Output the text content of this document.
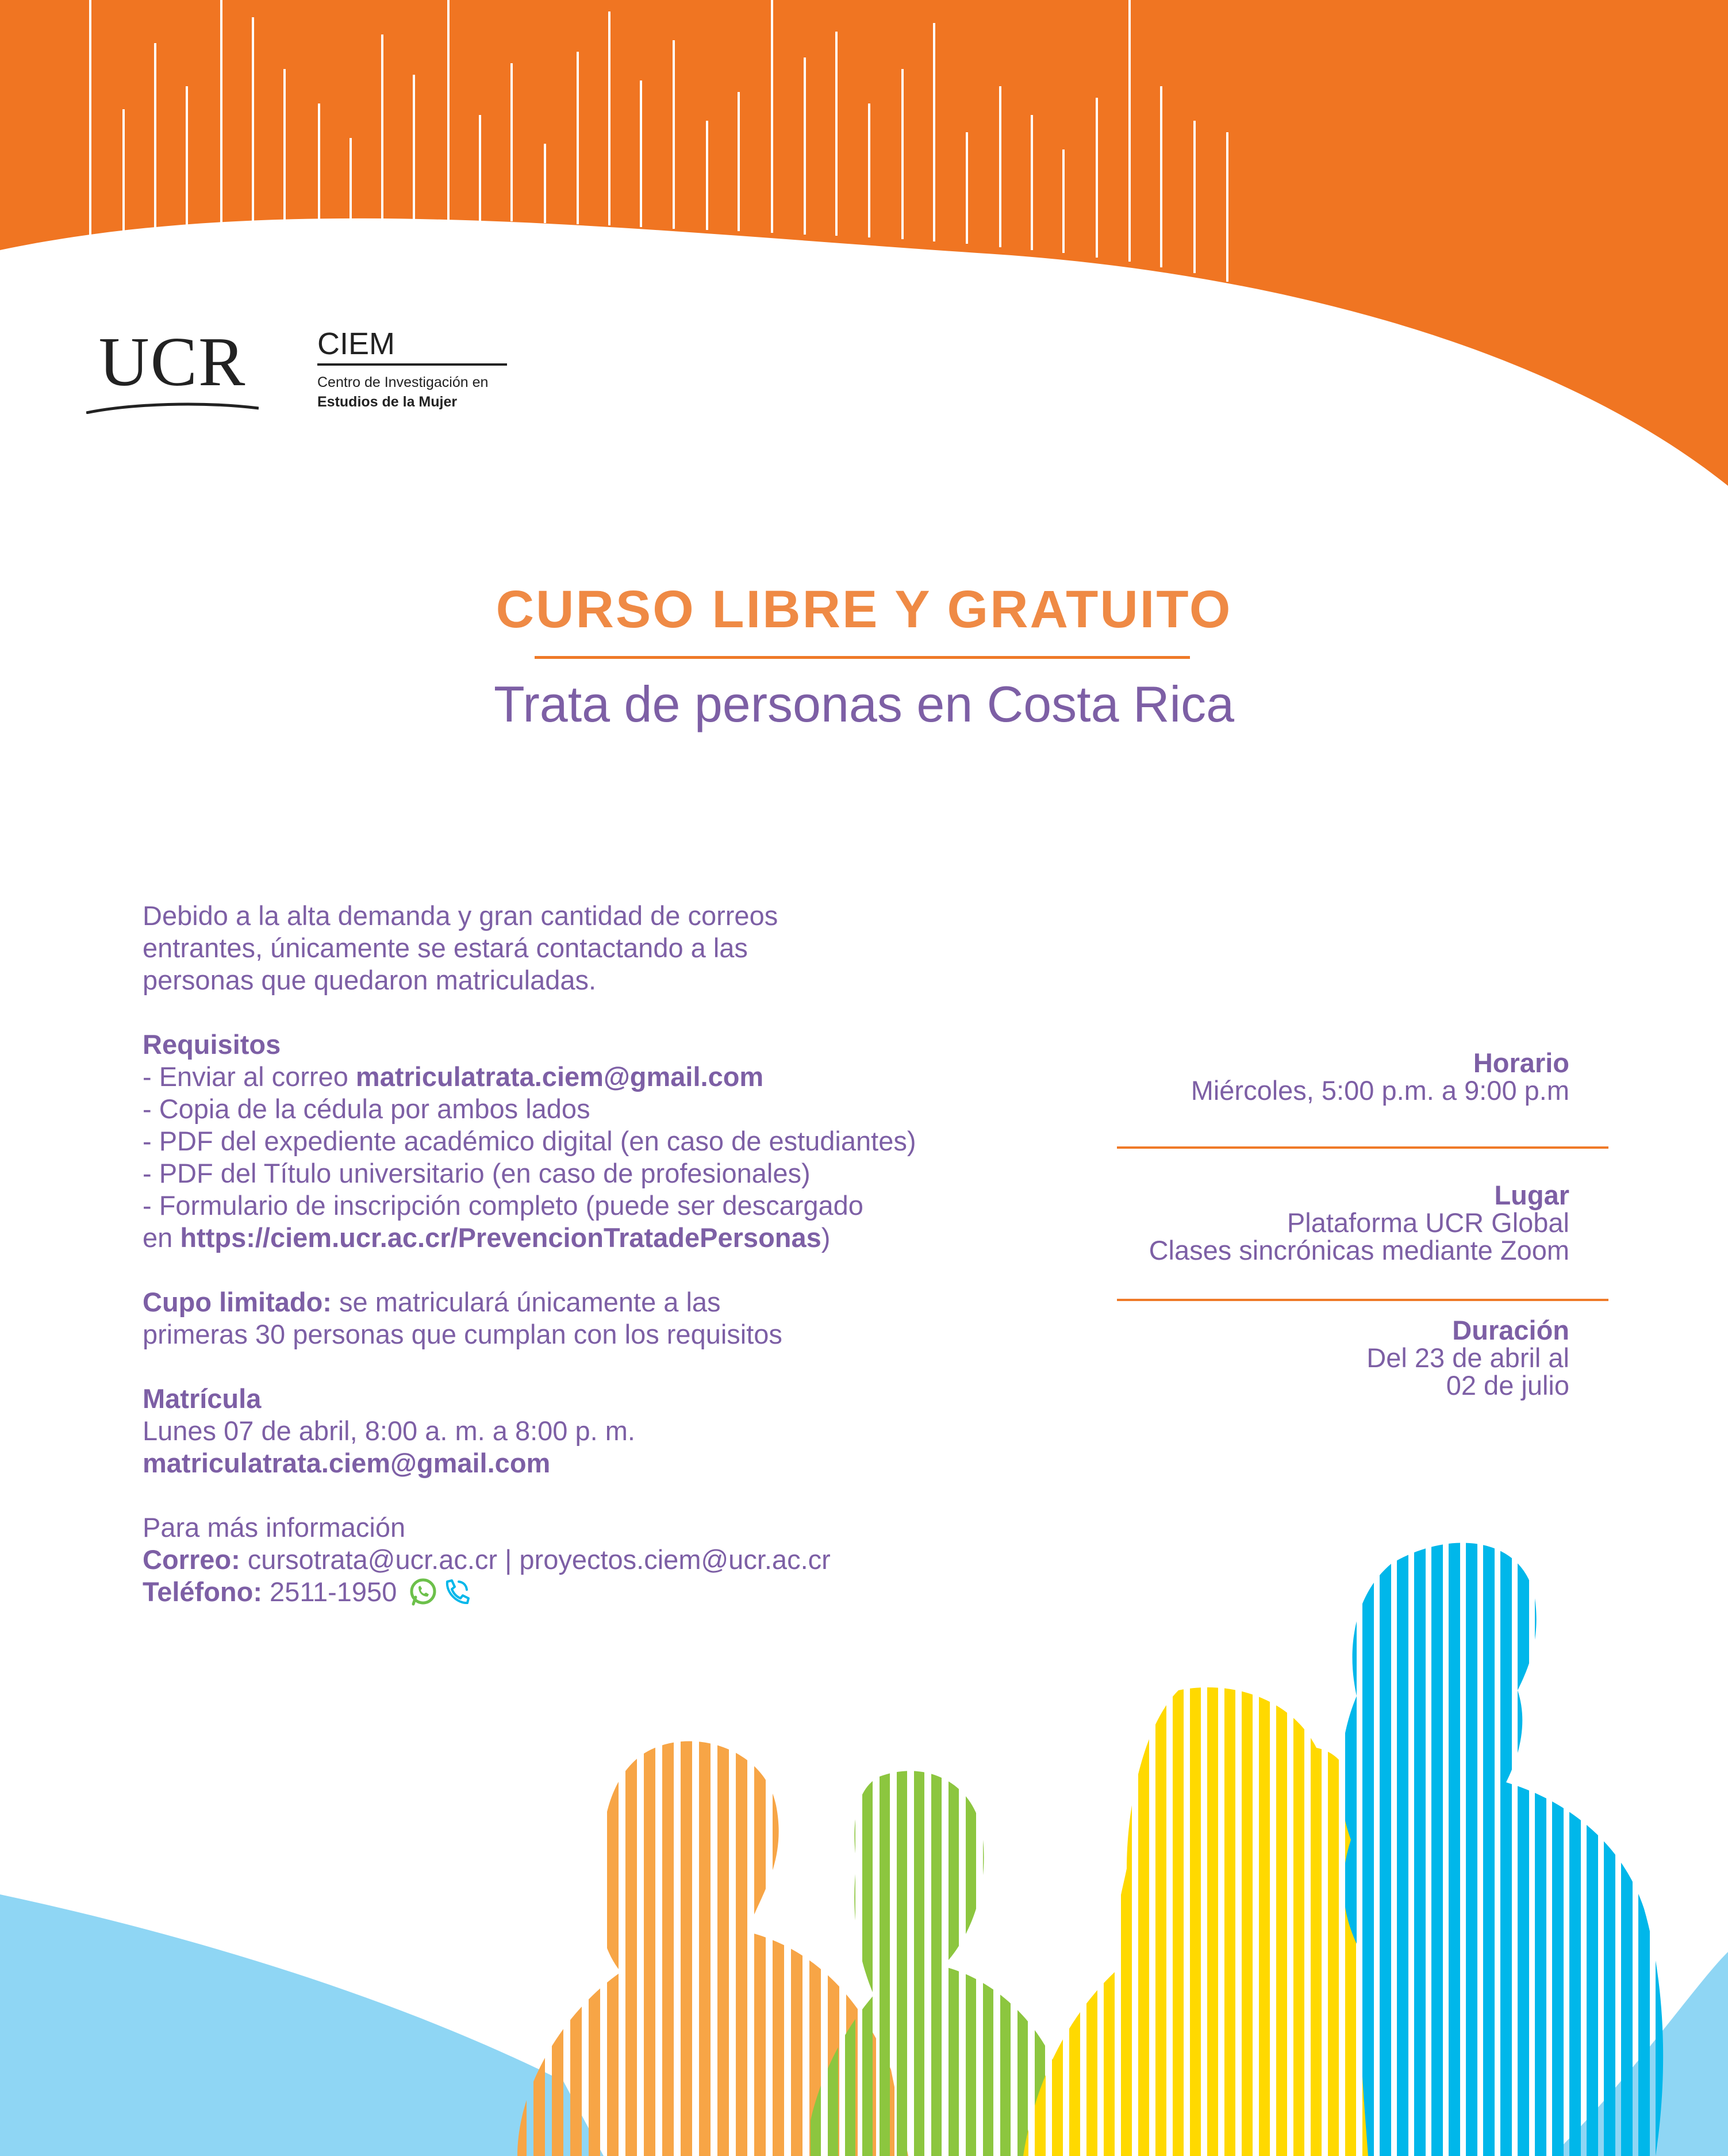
UCR	CIEM
Centro de Investigación en
Estudios de la Mujer
CURSO LIBRE Y GRATUITO
Trata de personas en Costa Rica
Debido a la alta demanda y gran cantidad de correos
entrantes, únicamente se estará contactando a las
personas que quedaron matriculadas.
Requisitos
- Enviar al correo matriculatrata.ciem@gmail.com
- Copia de la cédula por ambos lados
- PDF del expediente académico digital (en caso de estudiantes)
- PDF del Título universitario (en caso de profesionales)
- Formulario de inscripción completo (puede ser descargado
en https://ciem.ucr.ac.cr/PrevencionTratadePersonas)
Cupo limitado: se matriculará únicamente a las
primeras 30 personas que cumplan con los requisitos
Matrícula
Lunes 07 de abril, 8:00 a. m. a 8:00 p. m.
matriculatrata.ciem@gmail.com
Para más información
Correo: cursotrata@ucr.ac.cr | proyectos.ciem@ucr.ac.cr
Teléfono: 2511-1950
Horario
Miércoles, 5:00 p.m. a 9:00 p.m
Lugar
Plataforma UCR Global
Clases sincrónicas mediante Zoom
Duración
Del 23 de abril al
02 de julio
